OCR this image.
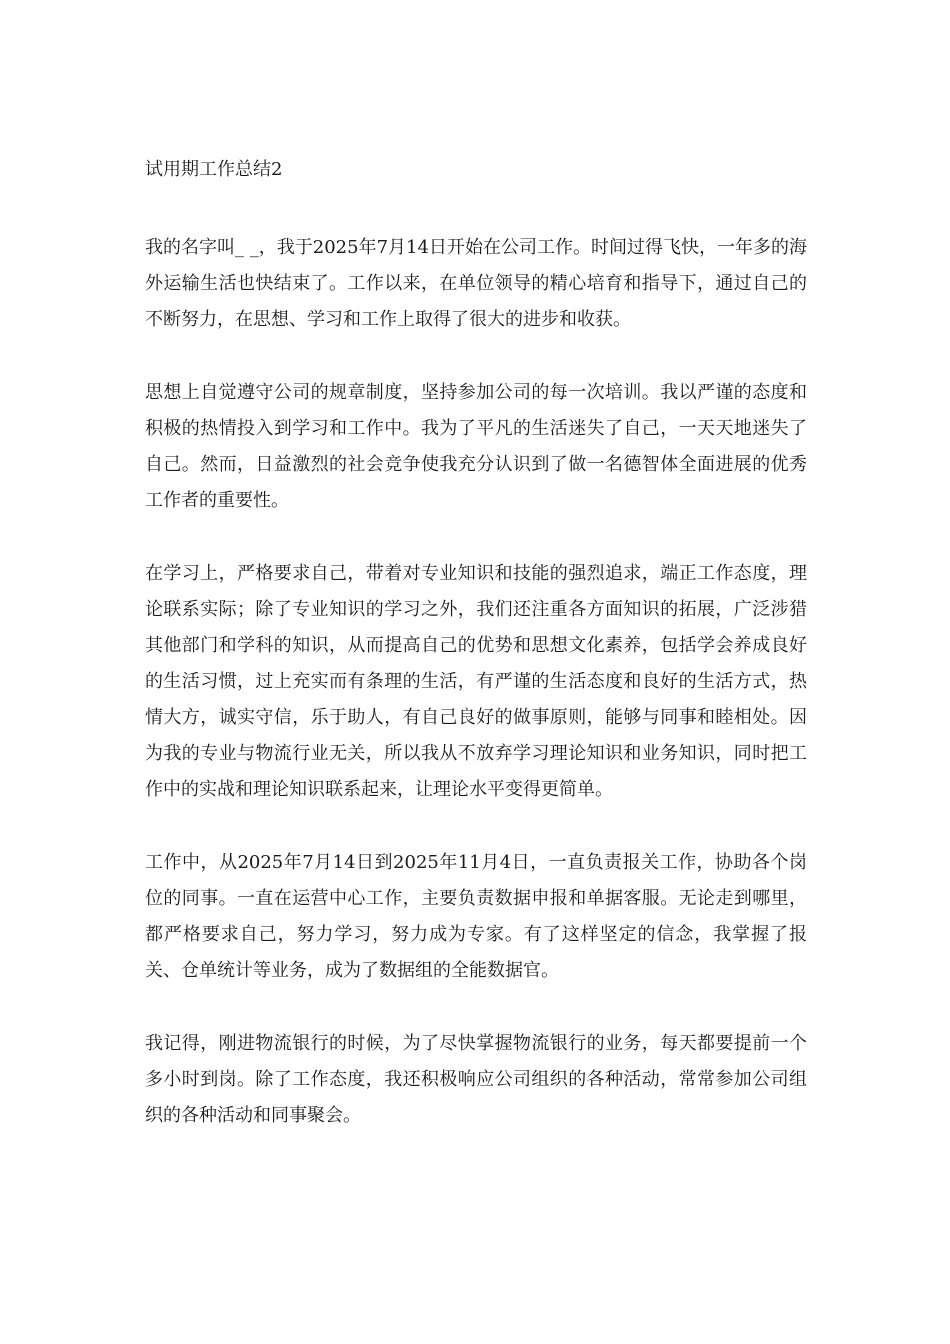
试用期工作总结2

我的名字叫_ _，我于2025年7月14日开始在公司工作。时间过得飞快，一年多的海外运输生活也快结束了。工作以来，在单位领导的精心培育和指导下，通过自己的不断努力，在思想、学习和工作上取得了很大的进步和收获。

思想上自觉遵守公司的规章制度，坚持参加公司的每一次培训。我以严谨的态度和积极的热情投入到学习和工作中。我为了平凡的生活迷失了自己，一天天地迷失了自己。然而，日益激烈的社会竞争使我充分认识到了做一名德智体全面进展的优秀工作者的重要性。

在学习上，严格要求自己，带着对专业知识和技能的强烈追求，端正工作态度，理论联系实际；除了专业知识的学习之外，我们还注重各方面知识的拓展，广泛涉猎其他部门和学科的知识，从而提高自己的优势和思想文化素养，包括学会养成良好的生活习惯，过上充实而有条理的生活，有严谨的生活态度和良好的生活方式，热情大方，诚实守信，乐于助人，有自己良好的做事原则，能够与同事和睦相处。因为我的专业与物流行业无关，所以我从不放弃学习理论知识和业务知识，同时把工作中的实战和理论知识联系起来，让理论水平变得更简单。

工作中，从2025年7月14日到2025年11月4日，一直负责报关工作，协助各个岗位的同事。一直在运营中心工作，主要负责数据申报和单据客服。无论走到哪里，都严格要求自己，努力学习，努力成为专家。有了这样坚定的信念，我掌握了报关、仓单统计等业务，成为了数据组的全能数据官。

我记得，刚进物流银行的时候，为了尽快掌握物流银行的业务，每天都要提前一个多小时到岗。除了工作态度，我还积极响应公司组织的各种活动，常常参加公司组织的各种活动和同事聚会。
